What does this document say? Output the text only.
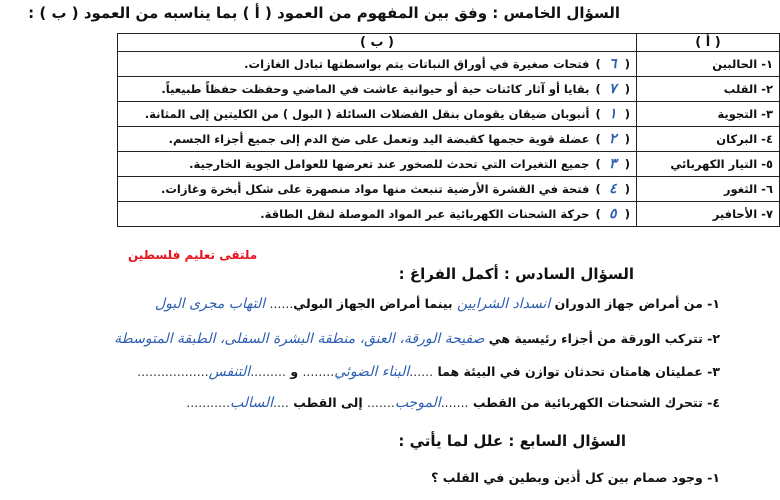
السؤال الخامس : وفق بين المفهوم من العمود ( أ ) بما يناسبه من العمود ( ب ) :
( أ )	( ب )
١- الحالبين	( ٦ )فتحات صغيرة في أوراق النباتات يتم بواسطتها تبادل الغازات.
٢- القلب	( ٧ )بقايا أو آثار كائنات حية أو حيوانية عاشت في الماضي وحفظت حفظاً طبيعياً.
٣- التجوية	( ١ )أنبوبان ضيقان يقومان بنقل الفضلات السائلة ( البول ) من الكليتين إلى المثانة.
٤- البركان	( ٢ )عضلة قوية حجمها كقبضة اليد وتعمل على ضخ الدم إلى جميع أجزاء الجسم.
٥- التيار الكهربائي	( ٣ )جميع التغيرات التي تحدث للصخور عند تعرضها للعوامل الجوية الخارجية.
٦- الثغور	( ٤ )فتحة في القشرة الأرضية تنبعث منها مواد منصهرة على شكل أبخرة وغازات.
٧- الأحافير	( ٥ )حركة الشحنات الكهربائية عبر المواد الموصلة لنقل الطاقة.
ملتقى تعليم فلسطين
السؤال السادس : أكمل الفراغ :
١- من أمراض جهاز الدوران انسداد الشرايين بينما أمراض الجهاز البولي...... التهاب مجرى البول
٢- تتركب الورقة من أجزاء رئيسية هي صفيحة الورقة، العنق، منطقة البشرة السفلى، الطبقة المتوسطة
٣- عمليتان هامتان تحدثان توازن في البيئة هما ......البناء الضوئي........ و .........التنفس..................
٤- تتحرك الشحنات الكهربائية من القطب .......الموجب....... إلى القطب ....السالب...........
السؤال السابع : علل لما يأتي :
١- وجود صمام بين كل أذين وبطين في القلب ؟
